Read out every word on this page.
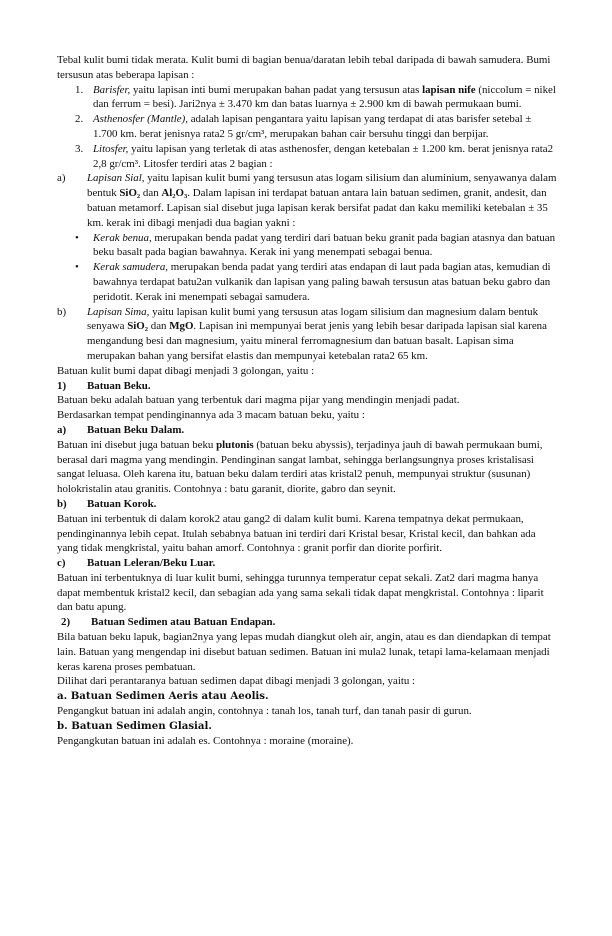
Tebal kulit bumi tidak merata. Kulit bumi di bagian benua/daratan lebih tebal daripada di bawah samudera. Bumi tersusun atas beberapa lapisan :

1. Barisfer, yaitu lapisan inti bumi merupakan bahan padat yang tersusun atas lapisan nife (niccolum = nikel dan ferrum = besi). Jari2nya ± 3.470 km dan batas luarnya ± 2.900 km di bawah permukaan bumi.
2. Asthenosfer (Mantle), adalah lapisan pengantara yaitu lapisan yang terdapat di atas barisfer setebal ± 1.700 km. berat jenisnya rata2 5 gr/cm³, merupakan bahan cair bersuhu tinggi dan berpijar.
3. Litosfer, yaitu lapisan yang terletak di atas asthenosfer, dengan ketebalan ± 1.200 km. berat jenisnya rata2 2,8 gr/cm³. Litosfer terdiri atas 2 bagian :
a)	Lapisan Sial, yaitu lapisan kulit bumi yang tersusun atas logam silisium dan aluminium, senyawanya dalam bentuk SiO₂ dan Al₂O₃. Dalam lapisan ini terdapat batuan antara lain batuan sedimen, granit, andesit, dan batuan metamorf. Lapisan sial disebut juga lapisan kerak bersifat padat dan kaku memiliki ketebalan ± 35 km. kerak ini dibagi menjadi dua bagian yakni :
•	Kerak benua, merupakan benda padat yang terdiri dari batuan beku granit pada bagian atasnya dan batuan beku basalt pada bagian bawahnya. Kerak ini yang menempati sebagai benua.
•	Kerak samudera, merupakan benda padat yang terdiri atas endapan di laut pada bagian atas, kemudian di bawahnya terdapat batu2an vulkanik dan lapisan yang paling bawah tersusun atas batuan beku gabro dan peridotit. Kerak ini menempati sebagai samudera.
b)	Lapisan Sima, yaitu lapisan kulit bumi yang tersusun atas logam silisium dan magnesium dalam bentuk senyawa SiO₂ dan MgO. Lapisan ini mempunyai berat jenis yang lebih besar daripada lapisan sial karena mengandung besi dan magnesium, yaitu mineral ferromagnesium dan batuan basalt. Lapisan sima merupakan bahan yang bersifat elastis dan mempunyai ketebalan rata2 65 km.

Batuan kulit bumi dapat dibagi menjadi 3 golongan, yaitu :

1)	Batuan Beku.

Batuan beku adalah batuan yang terbentuk dari magma pijar yang mendingin menjadi padat.

Berdasarkan tempat pendinginannya ada 3 macam batuan beku, yaitu :

a)	Batuan Beku Dalam.

Batuan ini disebut juga batuan beku plutonis (batuan beku abyssis), terjadinya jauh di bawah permukaan bumi, berasal dari magma yang mendingin. Pendinginan sangat lambat, sehingga berlangsungnya proses kristalisasi sangat leluasa. Oleh karena itu, batuan beku dalam terdiri atas kristal2 penuh, mempunyai struktur (susunan) holokristalin atau granitis. Contohnya : batu garanit, diorite, gabro dan seynit.

b)	Batuan Korok.

Batuan ini terbentuk di dalam korok2 atau gang2 di dalam kulit bumi. Karena tempatnya dekat permukaan, pendinginannya lebih cepat. Itulah sebabnya batuan ini terdiri dari Kristal besar, Kristal kecil, dan bahkan ada yang tidak mengkristal, yaitu bahan amorf. Contohnya : granit porfir dan diorite porfirit.

c)	Batuan Leleran/Beku Luar.

Batuan ini terbentuknya di luar kulit bumi, sehingga turunnya temperatur cepat sekali. Zat2 dari magma hanya dapat membentuk kristal2 kecil, dan sebagian ada yang sama sekali tidak dapat mengkristal. Contohnya : liparit dan batu apung.

2)	Batuan Sedimen atau Batuan Endapan.

Bila batuan beku lapuk, bagian2nya yang lepas mudah diangkut oleh air, angin, atau es dan diendapkan di tempat lain. Batuan yang mengendap ini disebut batuan sedimen. Batuan ini mula2 lunak, tetapi lama-kelamaan menjadi keras karena proses pembatuan.

Dilihat dari perantaranya batuan sedimen dapat dibagi menjadi 3 golongan, yaitu :

a. Batuan Sedimen Aeris atau Aeolis.

Pengangkut batuan ini adalah angin, contohnya : tanah los, tanah turf, dan tanah pasir di gurun.

b. Batuan Sedimen Glasial.

Pengangkutan batuan ini adalah es. Contohnya : moraine (moraine).
